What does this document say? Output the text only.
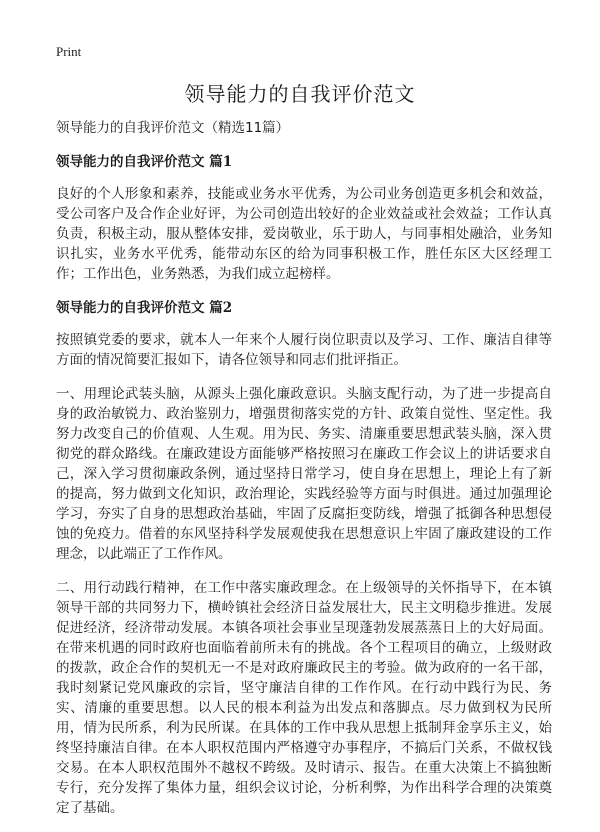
Print

领导能力的自我评价范文

领导能力的自我评价范文（精选11篇）

领导能力的自我评价范文 篇1

良好的个人形象和素养，技能或业务水平优秀，为公司业务创造更多机会和效益，受公司客户及合作企业好评，为公司创造出较好的企业效益或社会效益；工作认真负责，积极主动，服从整体安排，爱岗敬业，乐于助人，与同事相处融洽，业务知识扎实，业务水平优秀，能带动东区的给为同事积极工作，胜任东区大区经理工作；工作出色，业务熟悉，为我们成立起榜样。

领导能力的自我评价范文 篇2

按照镇党委的要求，就本人一年来个人履行岗位职责以及学习、工作、廉洁自律等方面的情况简要汇报如下，请各位领导和同志们批评指正。

一、用理论武装头脑，从源头上强化廉政意识。头脑支配行动，为了进一步提高自身的政治敏锐力、政治鉴别力，增强贯彻落实党的方针、政策自觉性、坚定性。我努力改变自己的价值观、人生观。用为民、务实、清廉重要思想武装头脑，深入贯彻党的群众路线。在廉政建设方面能够严格按照习在廉政工作会议上的讲话要求自己，深入学习贯彻廉政条例，通过坚持日常学习，使自身在思想上，理论上有了新的提高，努力做到文化知识，政治理论，实践经验等方面与时俱进。通过加强理论学习，夯实了自身的思想政治基础，牢固了反腐拒变防线，增强了抵御各种思想侵蚀的免疫力。借着的东风坚持科学发展观使我在思想意识上牢固了廉政建设的工作理念，以此端正了工作作风。

二、用行动践行精神，在工作中落实廉政理念。在上级领导的关怀指导下，在本镇领导干部的共同努力下，横岭镇社会经济日益发展壮大，民主文明稳步推进。发展促进经济，经济带动发展。本镇各项社会事业呈现蓬勃发展蒸蒸日上的大好局面。在带来机遇的同时政府也面临着前所未有的挑战。各个工程项目的确立，上级财政的拨款，政企合作的契机无一不是对政府廉政民主的考验。做为政府的一名干部，我时刻紧记党风廉政的宗旨，坚守廉洁自律的工作作风。在行动中践行为民、务实、清廉的重要思想。以人民的根本利益为出发点和落脚点。尽力做到权为民所用，情为民所系，利为民所谋。在具体的工作中我从思想上抵制拜金享乐主义，始终坚持廉洁自律。在本人职权范围内严格遵守办事程序，不搞后门关系，不做权钱交易。在本人职权范围外不越权不跨级。及时请示、报告。在重大决策上不搞独断专行，充分发挥了集体力量，组织会议讨论，分析利弊，为作出科学合理的决策奠定了基础。
